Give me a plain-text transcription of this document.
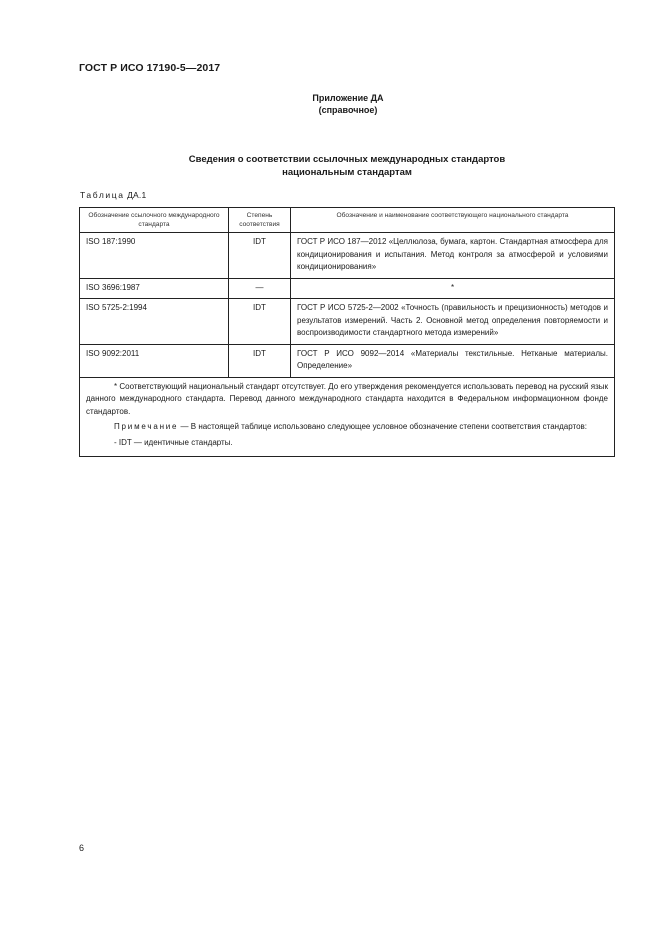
ГОСТ Р ИСО 17190-5—2017
Приложение ДА
(справочное)
Сведения о соответствии ссылочных международных стандартов
национальным стандартам
Таблица ДА.1
Обозначение ссылочного международного стандарта	Степень соответствия	Обозначение и наименование соответствующего национального стандарта
ISO 187:1990	IDT	ГОСТ Р ИСО 187—2012 «Целлюлоза, бумага, картон. Стандартная атмосфера для кондиционирования и испытания. Метод контроля за атмосферой и условиями кондиционирования»
ISO 3696:1987	—	*
ISO 5725-2:1994	IDT	ГОСТ Р ИСО 5725-2—2002 «Точность (правильность и прецизионность) методов и результатов измерений. Часть 2. Основной метод определения повторяемости и воспроизводимости стандартного метода измерений»
ISO 9092:2011	IDT	ГОСТ Р ИСО 9092—2014 «Материалы текстильные. Нетканые материалы. Определение»

* Соответствующий национальный стандарт отсутствует. До его утверждения рекомендуется использовать перевод на русский язык данного международного стандарта. Перевод данного международного стандарта находится в Федеральном информационном фонде стандартов.

Примечание — В настоящей таблице использовано следующее условное обозначение степени соответствия стандартов:

- IDT — идентичные стандарты.		

6
